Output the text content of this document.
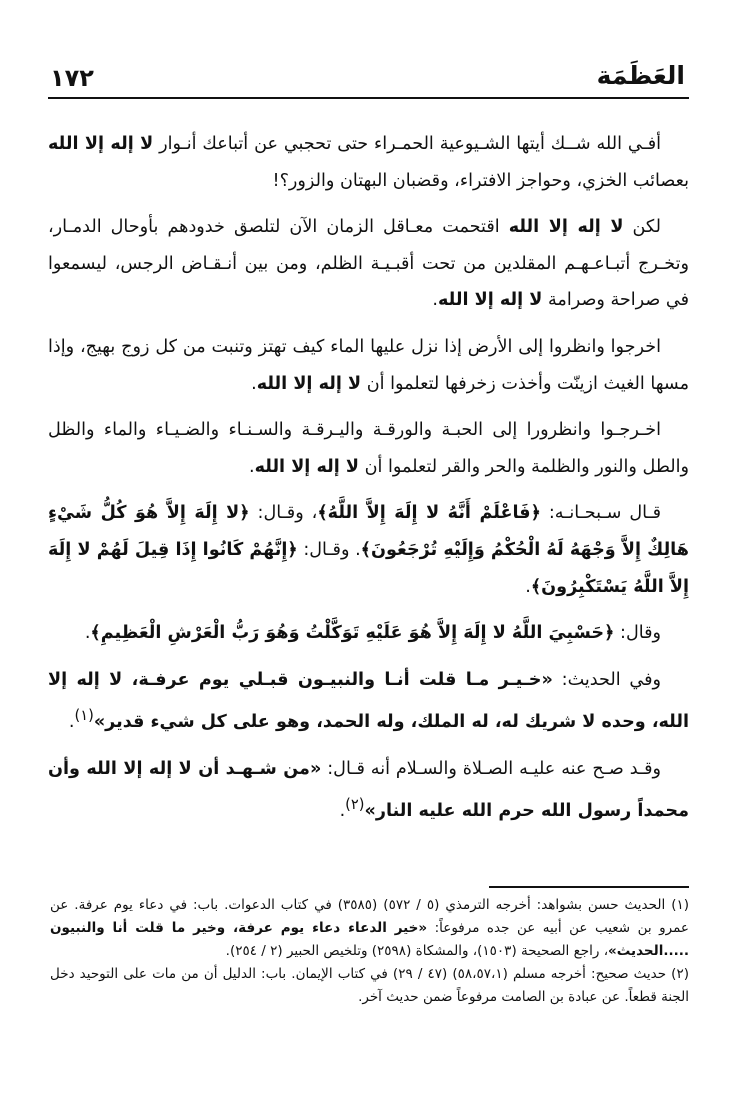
١٧٢	العَظَمَة

أفـي الله شــك أيتها الشـيوعية الحمـراء حتى تحجبي عن أتباعك أنـوار لا إله إلا الله بعصائب الخزي، وحواجز الافتراء، وقضبان البهتان والزور؟!

لكن لا إله إلا الله اقتحمت معـاقل الزمان الآن لتلصق خدودهم بأوحال الدمـار، وتخـرج أتبـاعـهـم المقلدين من تحت أقبـيـة الظلم، ومن بين أنـقـاض الرجس، ليسمعوا في صراحة وصرامة لا إله إلا الله.

اخرجوا وانظروا إلى الأرض إذا نزل عليها الماء كيف تهتز وتنبت من كل زوج بهيج، وإذا مسها الغيث ازينّت وأخذت زخرفها لتعلموا أن لا إله إلا الله.

اخـرجـوا وانظرورا إلى الحبـة والورقـة واليـرقـة والسـنـاء والضـيـاء والماء والظل والطل والنور والظلمة والحر والقر لتعلموا أن لا إله إلا الله.

قـال سـبحـانـه: ﴿فَاعْلَمْ أَنَّهُ لا إِلَهَ إِلاَّ اللَّهُ﴾، وقـال: ﴿لا إِلَهَ إِلاَّ هُوَ كُلُّ شَيْءٍ هَالِكٌ إِلاَّ وَجْهَهُ لَهُ الْحُكْمُ وَإِلَيْهِ تُرْجَعُونَ﴾. وقـال: ﴿إِنَّهُمْ كَانُوا إِذَا قِيلَ لَهُمْ لا إِلَهَ إِلاَّ اللَّهُ يَسْتَكْبِرُونَ﴾.

وقال: ﴿حَسْبِيَ اللَّهُ لا إِلَهَ إِلاَّ هُوَ عَلَيْهِ تَوَكَّلْتُ وَهُوَ رَبُّ الْعَرْشِ الْعَظِيمِ﴾.

وفي الحديث: «خـيـر مـا قلت أنـا والنبيـون قبـلي يوم عرفـة، لا إله إلا الله، وحده لا شريك له، له الملك، وله الحمد، وهو على كل شيء قدير»$^{(١)}$.

وقـد صـح عنه عليـه الصـلاة والسـلام أنه قـال: «من شـهـد أن لا إله إلا الله وأن محمداً رسول الله حرم الله عليه النار»$^{(٢)}$.

(١) الحديث حسن بشواهد: أخرجه الترمذي (٥ / ٥٧٢) (٣٥٨٥) في كتاب الدعوات. باب: في دعاء يوم عرفة. عن عمرو بن شعيب عن أبيه عن جده مرفوعاً: «خير الدعاء دعاء يوم عرفة، وخير ما قلت أنا والنبيون .....الحديث»، راجع الصحيحة (١٥٠٣)، والمشكاة (٢٥٩٨) وتلخيص الحبير (٢ / ٢٥٤).

(٢) حديث صحيح: أخرجه مسلم (٥٨،٥٧،١) (٤٧ / ٢٩) في كتاب الإيمان. باب: الدليل أن من مات على التوحيد دخل الجنة قطعاً. عن عبادة بن الصامت مرفوعاً ضمن حديث آخر.
